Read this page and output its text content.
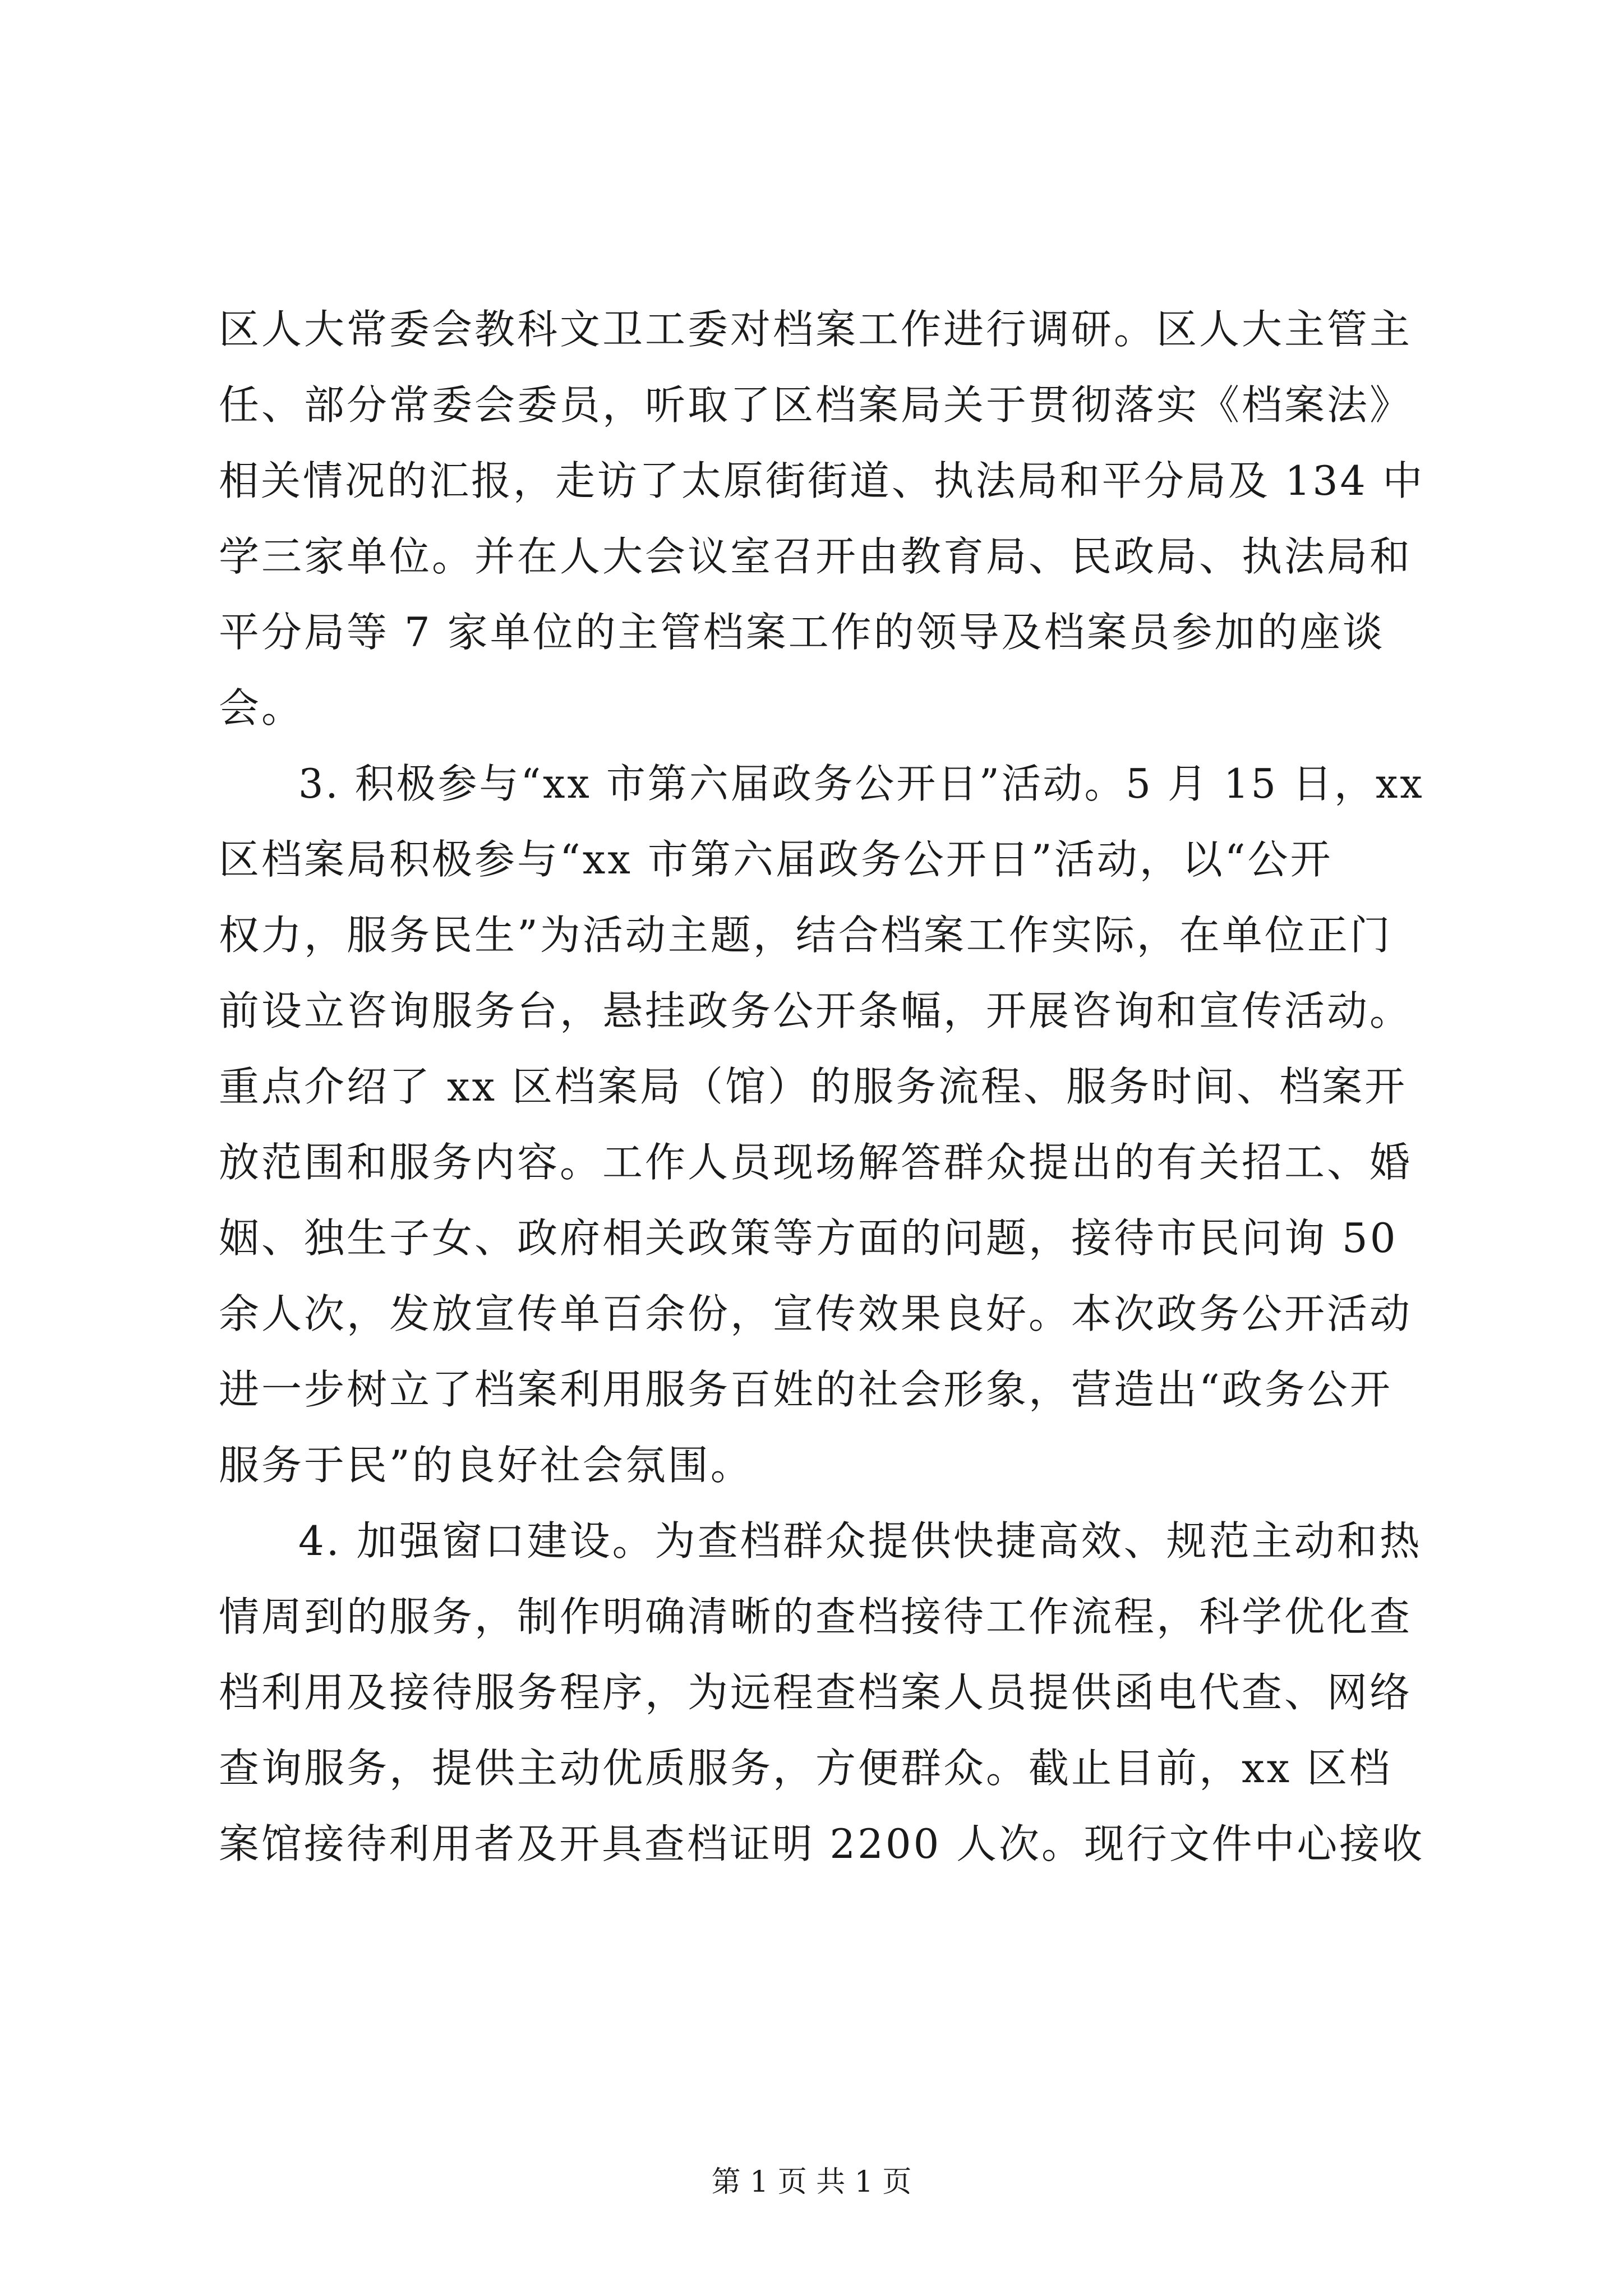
区人大常委会教科文卫工委对档案工作进行调研。区人大主管主
任、部分常委会委员，听取了区档案局关于贯彻落实《档案法》
相关情况的汇报，走访了太原街街道、执法局和平分局及 134 中
学三家单位。并在人大会议室召开由教育局、民政局、执法局和
平分局等 7 家单位的主管档案工作的领导及档案员参加的座谈
会。
3. 积极参与“xx 市第六届政务公开日”活动。5 月 15 日，xx
区档案局积极参与“xx 市第六届政务公开日”活动，以“公开
权力，服务民生”为活动主题，结合档案工作实际，在单位正门
前设立咨询服务台，悬挂政务公开条幅，开展咨询和宣传活动。
重点介绍了 xx 区档案局（馆）的服务流程、服务时间、档案开
放范围和服务内容。工作人员现场解答群众提出的有关招工、婚
姻、独生子女、政府相关政策等方面的问题，接待市民问询 50
余人次，发放宣传单百余份，宣传效果良好。本次政务公开活动
进一步树立了档案利用服务百姓的社会形象，营造出“政务公开
服务于民”的良好社会氛围。
4. 加强窗口建设。为查档群众提供快捷高效、规范主动和热
情周到的服务，制作明确清晰的查档接待工作流程，科学优化查
档利用及接待服务程序，为远程查档案人员提供函电代查、网络
查询服务，提供主动优质服务，方便群众。截止目前，xx 区档
案馆接待利用者及开具查档证明 2200 人次。现行文件中心接收
第 1 页 共 1 页
